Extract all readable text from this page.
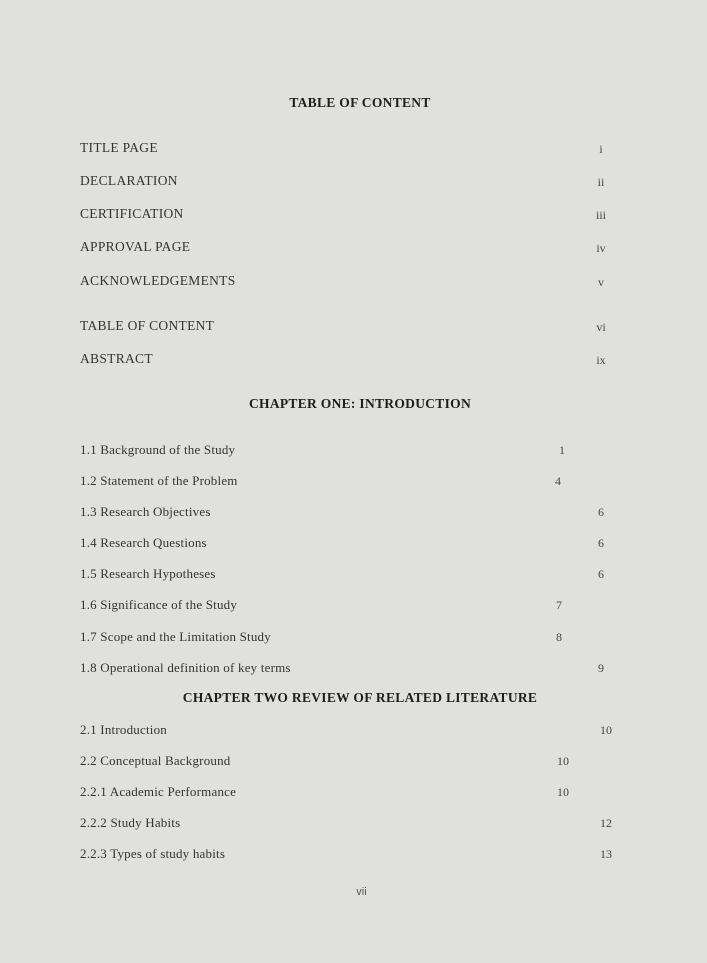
TABLE OF CONTENT
TITLE PAGE	i
DECLARATION	ii
CERTIFICATION	iii
APPROVAL PAGE	iv
ACKNOWLEDGEMENTS	v
TABLE OF CONTENT	vi
ABSTRACT	ix
CHAPTER ONE: INTRODUCTION
1.1 Background of the Study	1
1.2 Statement of the Problem	4
1.3 Research Objectives	6
1.4 Research Questions	6
1.5 Research Hypotheses	6
1.6 Significance of the Study	7
1.7 Scope and the Limitation Study	8
1.8 Operational definition of key terms	9
CHAPTER TWO REVIEW OF RELATED LITERATURE
2.1 Introduction	10
2.2 Conceptual Background	10
2.2.1 Academic Performance	10
2.2.2 Study Habits	12
2.2.3 Types of study habits	13
vii
